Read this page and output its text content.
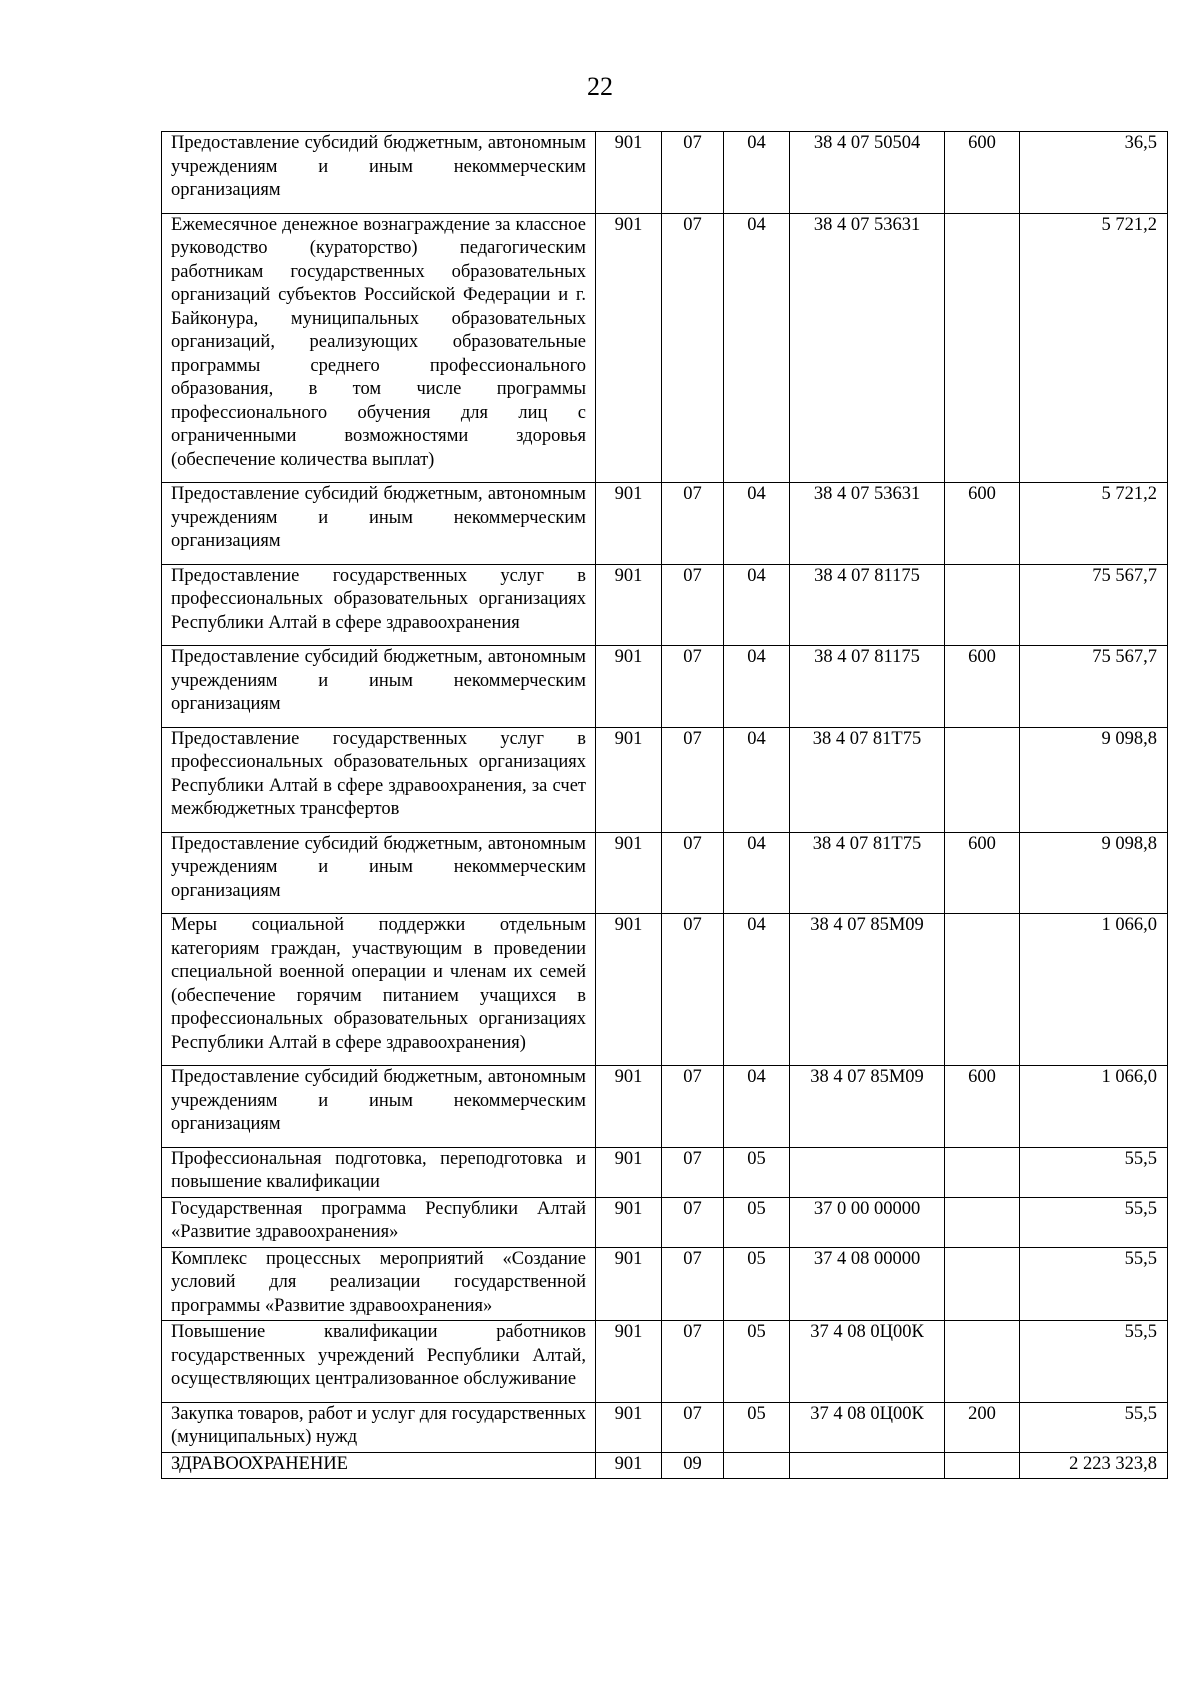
22
Предоставление субсидий бюджетным, автономным учреждениям и иным некоммерческим организациям	901	07	04	38 4 07 50504	600	36,5
Ежемесячное денежное вознаграждение за классное руководство (кураторство) педагогическим работникам государственных образовательных организаций субъектов Российской Федерации и г. Байконура, муниципальных образовательных организаций, реализующих образовательные программы среднего профессионального образования, в том числе программы профессионального обучения для лиц с ограниченными возможностями здоровья (обеспечение количества выплат)	901	07	04	38 4 07 53631		5 721,2
Предоставление субсидий бюджетным, автономным учреждениям и иным некоммерческим организациям	901	07	04	38 4 07 53631	600	5 721,2
Предоставление государственных услуг в профессиональных образовательных организациях Республики Алтай в сфере здравоохранения	901	07	04	38 4 07 81175		75 567,7
Предоставление субсидий бюджетным, автономным учреждениям и иным некоммерческим организациям	901	07	04	38 4 07 81175	600	75 567,7
Предоставление государственных услуг в профессиональных образовательных организациях Республики Алтай в сфере здравоохранения, за счет межбюджетных трансфертов	901	07	04	38 4 07 81Т75		9 098,8
Предоставление субсидий бюджетным, автономным учреждениям и иным некоммерческим организациям	901	07	04	38 4 07 81Т75	600	9 098,8
Меры социальной поддержки отдельным категориям граждан, участвующим в проведении специальной военной операции и членам их семей (обеспечение горячим питанием учащихся в профессиональных образовательных организациях Республики Алтай в сфере здравоохранения)	901	07	04	38 4 07 85М09		1 066,0
Предоставление субсидий бюджетным, автономным учреждениям и иным некоммерческим организациям	901	07	04	38 4 07 85М09	600	1 066,0
Профессиональная подготовка, переподготовка и повышение квалификации	901	07	05			55,5
Государственная программа Республики Алтай «Развитие здравоохранения»	901	07	05	37 0 00 00000		55,5
Комплекс процессных мероприятий «Создание условий для реализации государственной программы «Развитие здравоохранения»	901	07	05	37 4 08 00000		55,5
Повышение квалификации работников государственных учреждений Республики Алтай, осуществляющих централизованное обслуживание	901	07	05	37 4 08 0Ц00К		55,5
Закупка товаров, работ и услуг для государственных (муниципальных) нужд	901	07	05	37 4 08 0Ц00К	200	55,5
ЗДРАВООХРАНЕНИЕ	901	09				2 223 323,8
